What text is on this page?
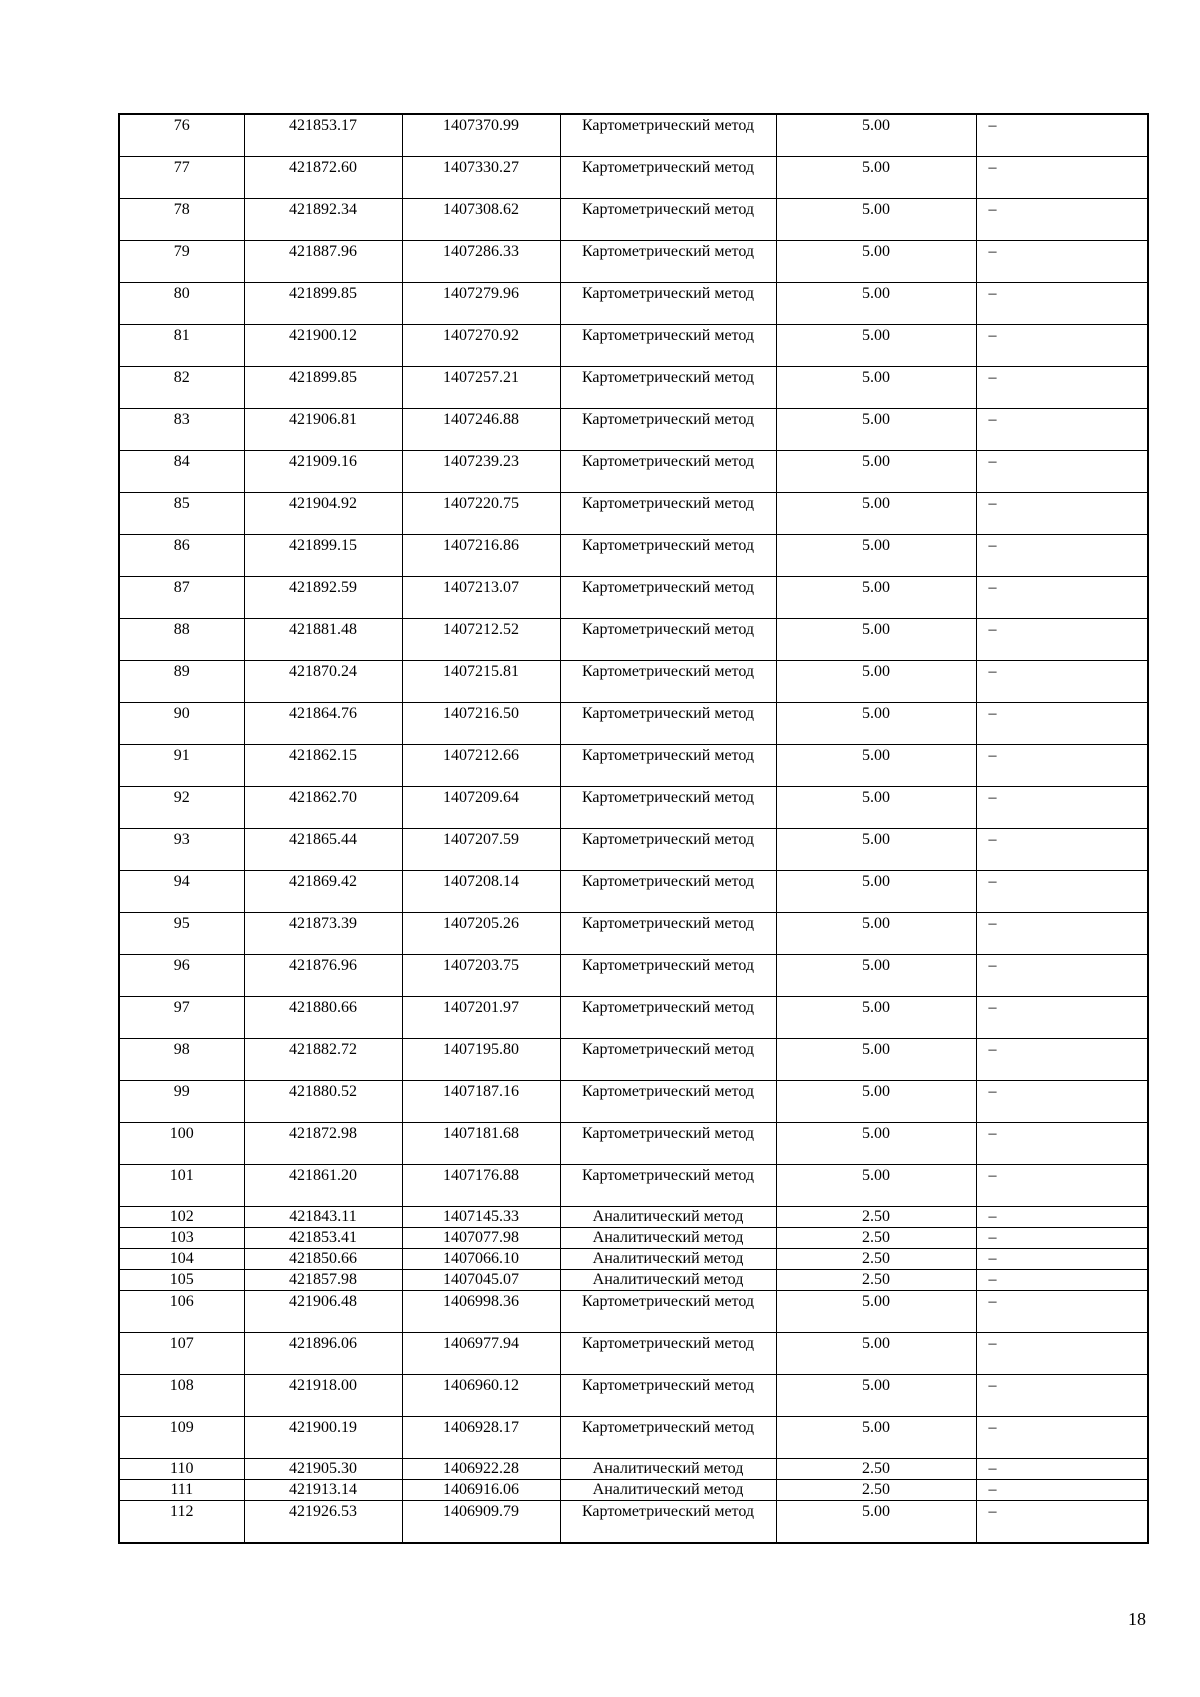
76	421853.17	1407370.99	Картометрический метод	5.00	–
77	421872.60	1407330.27	Картометрический метод	5.00	–
78	421892.34	1407308.62	Картометрический метод	5.00	–
79	421887.96	1407286.33	Картометрический метод	5.00	–
80	421899.85	1407279.96	Картометрический метод	5.00	–
81	421900.12	1407270.92	Картометрический метод	5.00	–
82	421899.85	1407257.21	Картометрический метод	5.00	–
83	421906.81	1407246.88	Картометрический метод	5.00	–
84	421909.16	1407239.23	Картометрический метод	5.00	–
85	421904.92	1407220.75	Картометрический метод	5.00	–
86	421899.15	1407216.86	Картометрический метод	5.00	–
87	421892.59	1407213.07	Картометрический метод	5.00	–
88	421881.48	1407212.52	Картометрический метод	5.00	–
89	421870.24	1407215.81	Картометрический метод	5.00	–
90	421864.76	1407216.50	Картометрический метод	5.00	–
91	421862.15	1407212.66	Картометрический метод	5.00	–
92	421862.70	1407209.64	Картометрический метод	5.00	–
93	421865.44	1407207.59	Картометрический метод	5.00	–
94	421869.42	1407208.14	Картометрический метод	5.00	–
95	421873.39	1407205.26	Картометрический метод	5.00	–
96	421876.96	1407203.75	Картометрический метод	5.00	–
97	421880.66	1407201.97	Картометрический метод	5.00	–
98	421882.72	1407195.80	Картометрический метод	5.00	–
99	421880.52	1407187.16	Картометрический метод	5.00	–
100	421872.98	1407181.68	Картометрический метод	5.00	–
101	421861.20	1407176.88	Картометрический метод	5.00	–
102	421843.11	1407145.33	Аналитический метод	2.50	–
103	421853.41	1407077.98	Аналитический метод	2.50	–
104	421850.66	1407066.10	Аналитический метод	2.50	–
105	421857.98	1407045.07	Аналитический метод	2.50	–
106	421906.48	1406998.36	Картометрический метод	5.00	–
107	421896.06	1406977.94	Картометрический метод	5.00	–
108	421918.00	1406960.12	Картометрический метод	5.00	–
109	421900.19	1406928.17	Картометрический метод	5.00	–
110	421905.30	1406922.28	Аналитический метод	2.50	–
111	421913.14	1406916.06	Аналитический метод	2.50	–
112	421926.53	1406909.79	Картометрический метод	5.00	–
18
